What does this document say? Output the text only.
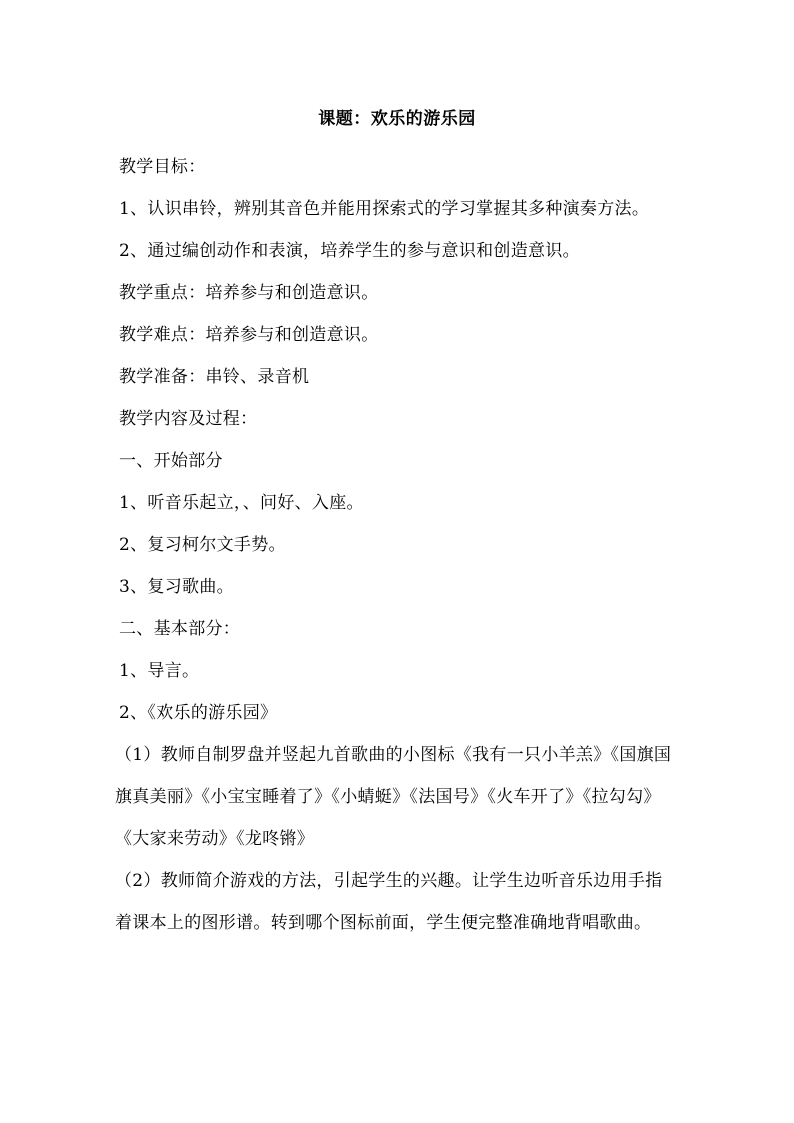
课题：欢乐的游乐园
教学目标：
1、认识串铃，辨别其音色并能用探索式的学习掌握其多种演奏方法。
2、通过编创动作和表演，培养学生的参与意识和创造意识。
教学重点：培养参与和创造意识。
教学难点：培养参与和创造意识。
教学准备：串铃、录音机
教学内容及过程：
一、开始部分
1、听音乐起立，、问好、入座。
2、复习柯尔文手势。
3、复习歌曲。
二、基本部分：
1、导言。
2、《欢乐的游乐园》
（1）教师自制罗盘并竖起九首歌曲的小图标《我有一只小羊羔》《国旗国旗真美丽》《小宝宝睡着了》《小蜻蜓》《法国号》《火车开了》《拉勾勾》《大家来劳动》《龙咚锵》
（2）教师简介游戏的方法，引起学生的兴趣。让学生边听音乐边用手指着课本上的图形谱。转到哪个图标前面，学生便完整准确地背唱歌曲。
